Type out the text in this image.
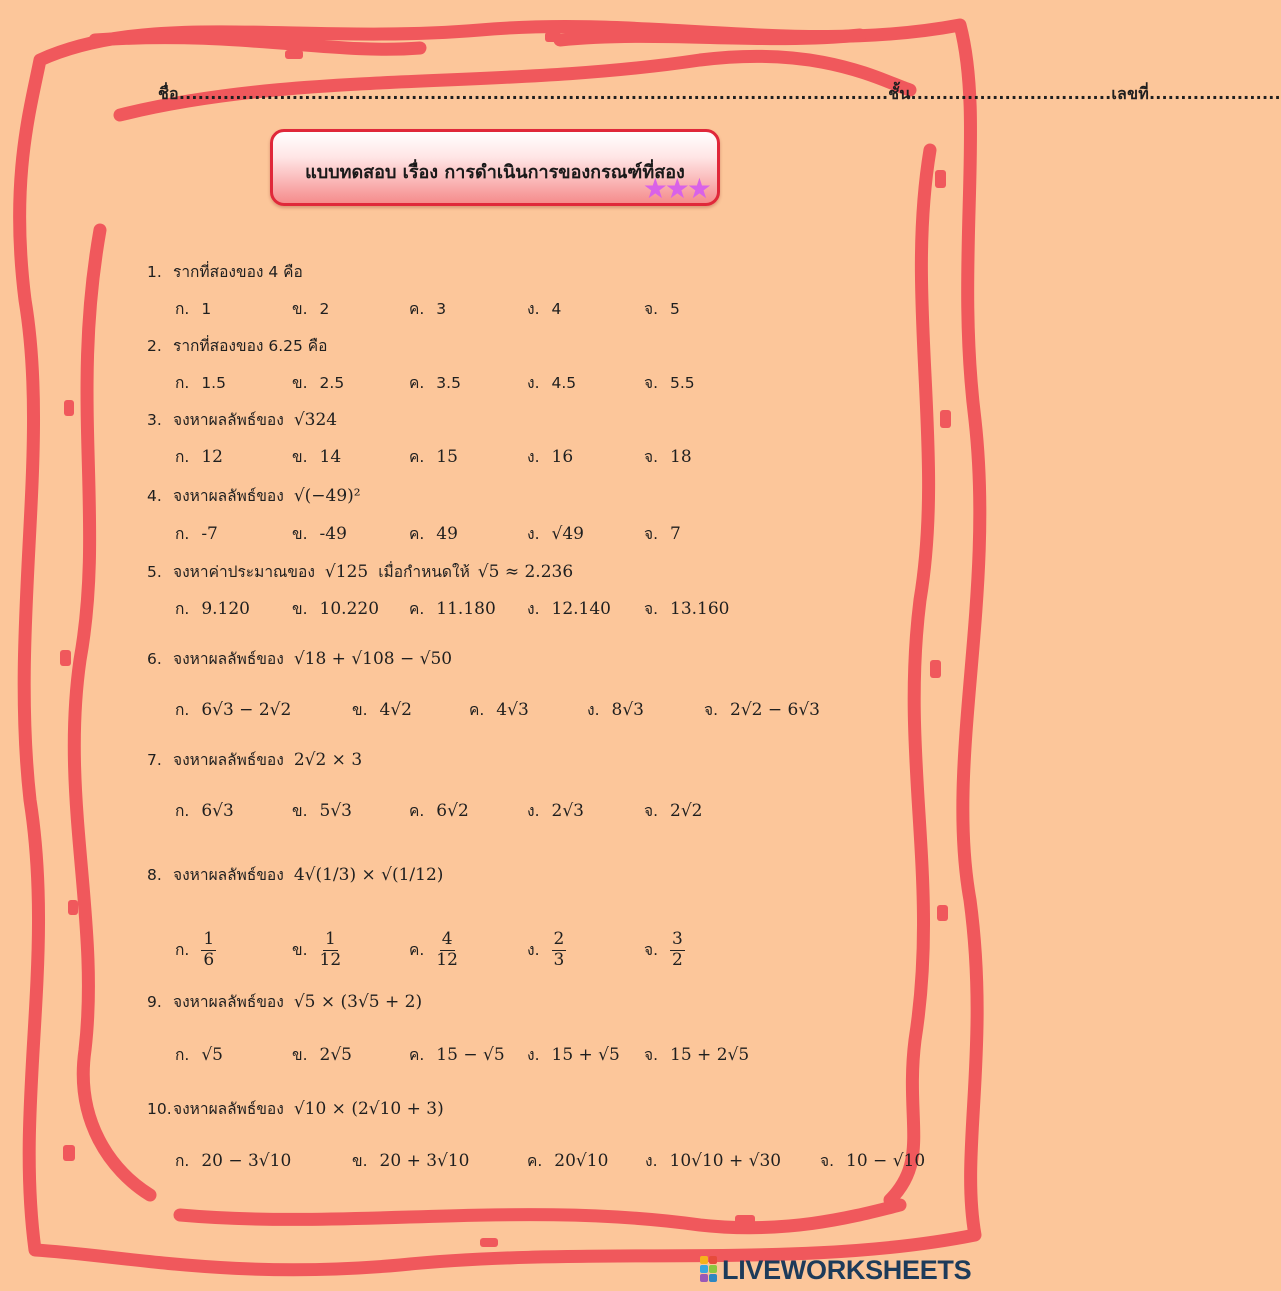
ชื่อ.................................................................................................................ชั้น................................เลขที่.....................
แบบทดสอบ เรื่อง การดำเนินการของกรณฑ์ที่สอง
★★★
1. รากที่สองของ 4 คือ
ก. 1	ข. 2	ค. 3	ง. 4	จ. 5
2. รากที่สองของ 6.25 คือ
ก. 1.5	ข. 2.5	ค. 3.5	ง. 4.5	จ. 5.5
3. จงหาผลลัพธ์ของ √324
ก. 12	ข. 14	ค. 15	ง. 16	จ. 18
4. จงหาผลลัพธ์ของ √(−49)²
ก. -7	ข. -49	ค. 49	ง. √49	จ. 7
5. จงหาค่าประมาณของ √125 เมื่อกำหนดให้ √5 ≈ 2.236
ก. 9.120	ข. 10.220 ค. 11.180 ง. 12.140 จ. 13.160
6. จงหาผลลัพธ์ของ √18 + √108 − √50
ก. 6√3 − 2√2	ข. 4√2	ค. 4√3	ง. 8√3	จ. 2√2 − 6√3
7. จงหาผลลัพธ์ของ 2√2 × 3
ก. 6√3	ข. 5√3	ค. 6√2	ง. 2√3	จ. 2√2
8. จงหาผลลัพธ์ของ 4√(1/3) × √(1/12)
ก. $\frac{1}{6}$	ข. $\frac{1}{12}$	ค. $\frac{4}{12}$	ง. $\frac{2}{3}$	จ. $\frac{3}{2}$
9. จงหาผลลัพธ์ของ √5 × (3√5 + 2)
ก. √5	ข. 2√5	ค. 15 − √5 ง. 15 + √5 จ. 15 + 2√5
10.จงหาผลลัพธ์ของ √10 × (2√10 + 3)
ก. 20 − 3√10	ข. 20 + 3√10	ค. 20√10 ง. 10√10 + √30	จ. 10 − √10
LIVEWORKSHEETS
